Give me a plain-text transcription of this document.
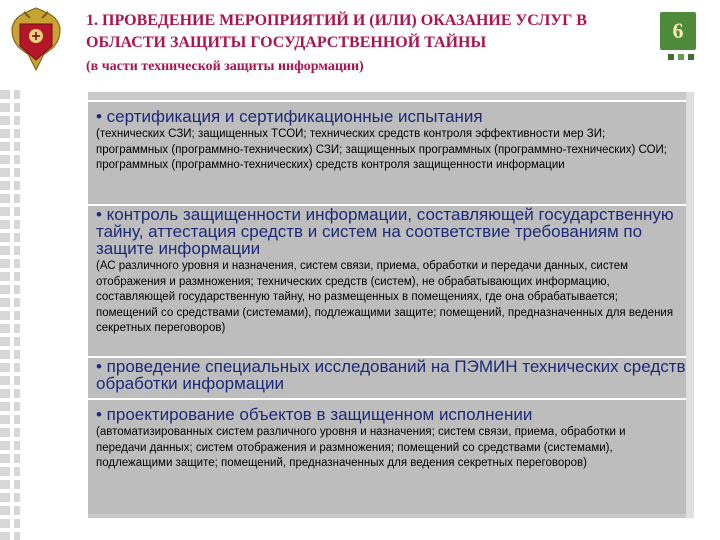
1. ПРОВЕДЕНИЕ МЕРОПРИЯТИЙ И (ИЛИ) ОКАЗАНИЕ УСЛУГ В
ОБЛАСТИ ЗАЩИТЫ ГОСУДАРСТВЕННОЙ ТАЙНЫ
(в части технической защиты информации)
6
• сертификация и сертификационные испытания
(технических СЗИ; защищенных ТСОИ; технических средств контроля эффективности мер ЗИ; программных (программно-технических) СЗИ; защищенных программных (программно-технических) СОИ; программных (программно-технических) средств контроля защищенности информации
• контроль защищенности информации, составляющей государственную тайну, аттестация средств и систем на соответствие требованиям по защите информации
(АС различного уровня и назначения, систем связи, приема, обработки и передачи данных, систем отображения и размножения; технических средств (систем), не обрабатывающих информацию, составляющей государственную тайну, но размещенных в помещениях, где она обрабатывается; помещений со средствами (системами), подлежащими защите; помещений, предназначенных для ведения секретных переговоров)
• проведение специальных исследований на ПЭМИН технических средств обработки информации
• проектирование объектов в защищенном исполнении
(автоматизированных систем различного уровня и назначения; систем связи, приема, обработки и передачи данных; систем отображения и размножения; помещений со средствами (системами), подлежащими защите; помещений, предназначенных для ведения секретных переговоров)
